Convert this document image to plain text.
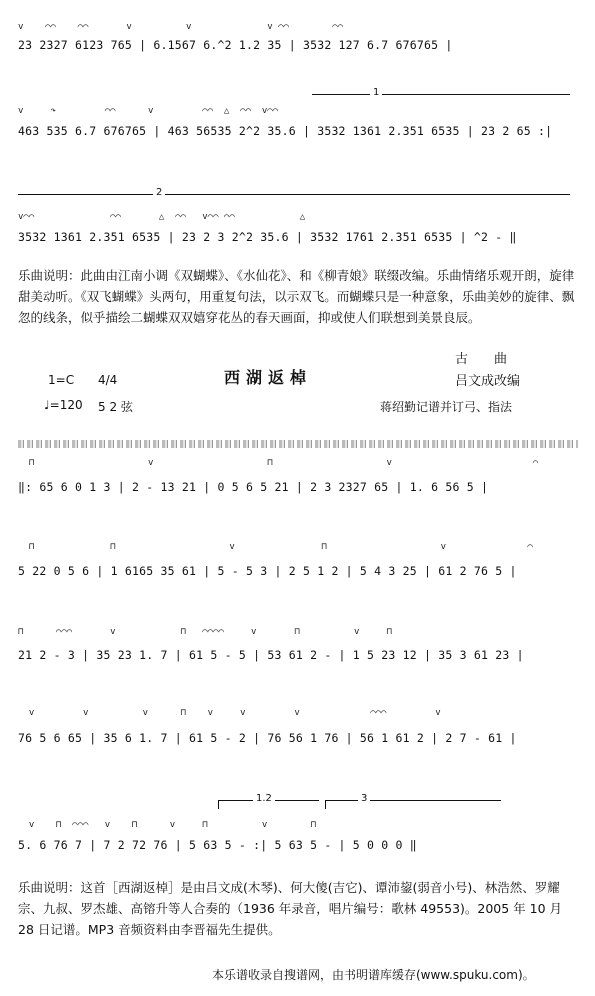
v    ⌒⌒    ⌒⌒       v          v              v ⌒⌒        ⌒⌒
23 2327 6123 765 | 6.1567 6.^2 1.2 35 | 3532 127 6.7 676765 |
1
v     ↷         ⌒⌒      v         ⌒⌒  △  ⌒⌒  v⌒⌒
463 535 6.7 676765 | 463 56535 2^2 35.6 | 3532 1361 2.351 6535 | 23 2 65 :|
2
v⌒⌒              ⌒⌒       △  ⌒⌒   v⌒⌒ ⌒⌒            △
3532 1361 2.351 6535 | 23 2 3 2^2 35.6 | 3532 1761 2.351 6535 | ^2 - ‖
乐曲说明：此曲由江南小调《双蝴蝶》、《水仙花》、和《柳青娘》联缀改编。乐曲情绪乐观开朗，旋律甜美动听。《双飞蝴蝶》头两句，用重复句法，以示双飞。而蝴蝶只是一种意象，乐曲美妙的旋律、飘忽的线条，似乎描绘二蝴蝶双双嬉穿花丛的春天画面，抑或使人们联想到美景良辰。
西湖返棹
古　　曲
吕文成改编
1=C 4/4
♩=120 5 2 弦	蒋绍勤记谱并订弓、指法
⊓                     v                     ⊓                     v                          ⌒
‖: 65 6 0 1 3 | 2 - 13 21 | 0 5 6 5 21 | 2 3 2327 65 | 1. 6 56 5 |
⊓              ⊓                     v                ⊓                     v               ⌒
5 22 0 5 6 | 1 6165 35 61 | 5 - 5 3 | 2 5 1 2 | 5 4 3 25 | 61 2 76 5 |
⊓      ⌒⌒⌒       v            ⊓   ⌒⌒⌒⌒     v       ⊓          v     ⊓
21 2 - 3 | 35 23 1. 7 | 61 5 - 5 | 53 61 2 - | 1 5 23 12 | 35 3 61 23 |
v         v          v      ⊓    v     v         v             ⌒⌒⌒         v
76 5 6 65 | 35 6 1. 7 | 61 5 - 2 | 76 56 1 76 | 56 1 61 2 | 2 7 - 61 |
1.2	3
v    ⊓  ⌒⌒⌒   v    ⊓      v     ⊓          v        ⊓
5. 6 76 7 | 7 2 72 76 | 5 63 5 - :| 5 63 5 - | 5 0 0 0 ‖
乐曲说明：这首［西湖返棹］是由吕文成(木琴)、何大傻(吉它)、谭沛鋆(弱音小号)、林浩然、罗耀宗、九叔、罗杰雄、高镕升等人合奏的（1936 年录音，唱片编号：歌林 49553)。2005 年 10 月 28 日记谱。MP3 音频资料由李晋福先生提供。
本乐谱收录自搜谱网，由书明谱库缓存(www.spuku.com)。
